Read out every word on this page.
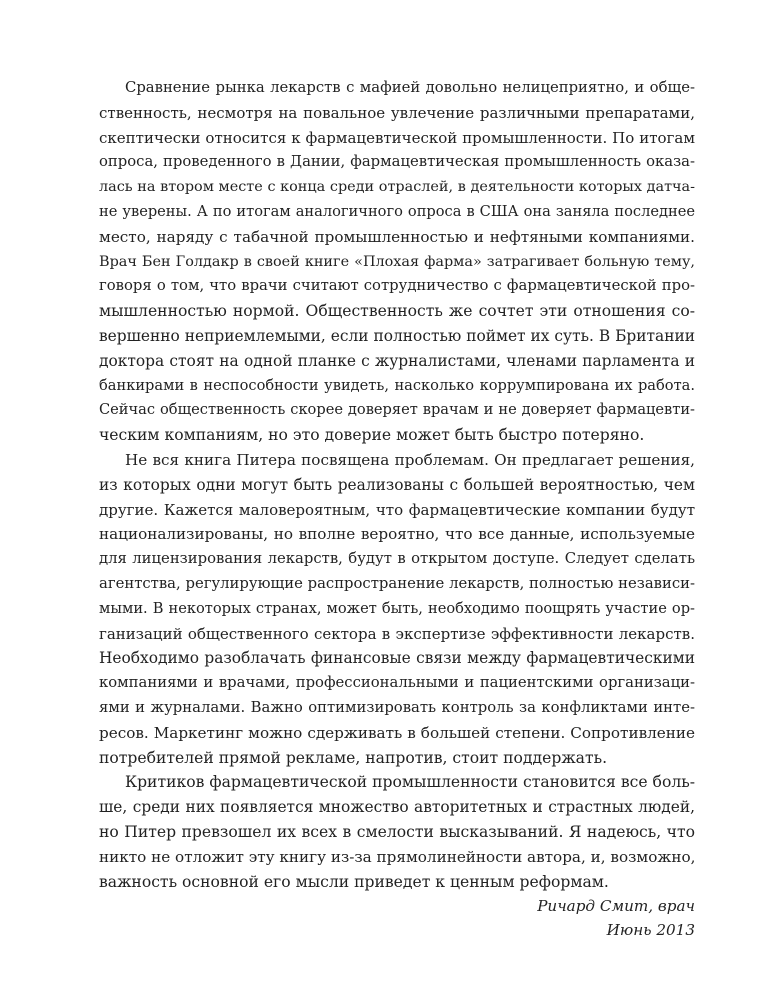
Сравнение рынка лекарств с мафией довольно нелицеприятно, и обще-
ственность, несмотря на повальное увлечение различными препаратами,
скептически относится к фармацевтической промышленности. По итогам
опроса, проведенного в Дании, фармацевтическая промышленность оказа-
лась на втором месте с конца среди отраслей, в деятельности которых датча-
не уверены. А по итогам аналогичного опроса в США она заняла последнее
место, наряду с табачной промышленностью и нефтяными компаниями.
Врач Бен Голдакр в своей книге «Плохая фарма» затрагивает больную тему,
говоря о том, что врачи считают сотрудничество с фармацевтической про-
мышленностью нормой. Общественность же сочтет эти отношения со-
вершенно неприемлемыми, если полностью поймет их суть. В Британии
доктора стоят на одной планке с журналистами, членами парламента и
банкирами в неспособности увидеть, насколько коррумпирована их работа.
Сейчас общественность скорее доверяет врачам и не доверяет фармацевти-
ческим компаниям, но это доверие может быть быстро потеряно.
Не вся книга Питера посвящена проблемам. Он предлагает решения,
из которых одни могут быть реализованы с большей вероятностью, чем
другие. Кажется маловероятным, что фармацевтические компании будут
национализированы, но вполне вероятно, что все данные, используемые
для лицензирования лекарств, будут в открытом доступе. Следует сделать
агентства, регулирующие распространение лекарств, полностью независи-
мыми. В некоторых странах, может быть, необходимо поощрять участие ор-
ганизаций общественного сектора в экспертизе эффективности лекарств.
Необходимо разоблачать финансовые связи между фармацевтическими
компаниями и врачами, профессиональными и пациентскими организаци-
ями и журналами. Важно оптимизировать контроль за конфликтами инте-
ресов. Маркетинг можно сдерживать в большей степени. Сопротивление
потребителей прямой рекламе, напротив, стоит поддержать.
Критиков фармацевтической промышленности становится все боль-
ше, среди них появляется множество авторитетных и страстных людей,
но Питер превзошел их всех в смелости высказываний. Я надеюсь, что
никто не отложит эту книгу из-за прямолинейности автора, и, возможно,
важность основной его мысли приведет к ценным реформам.
Ричард Смит, врач
Июнь 2013
